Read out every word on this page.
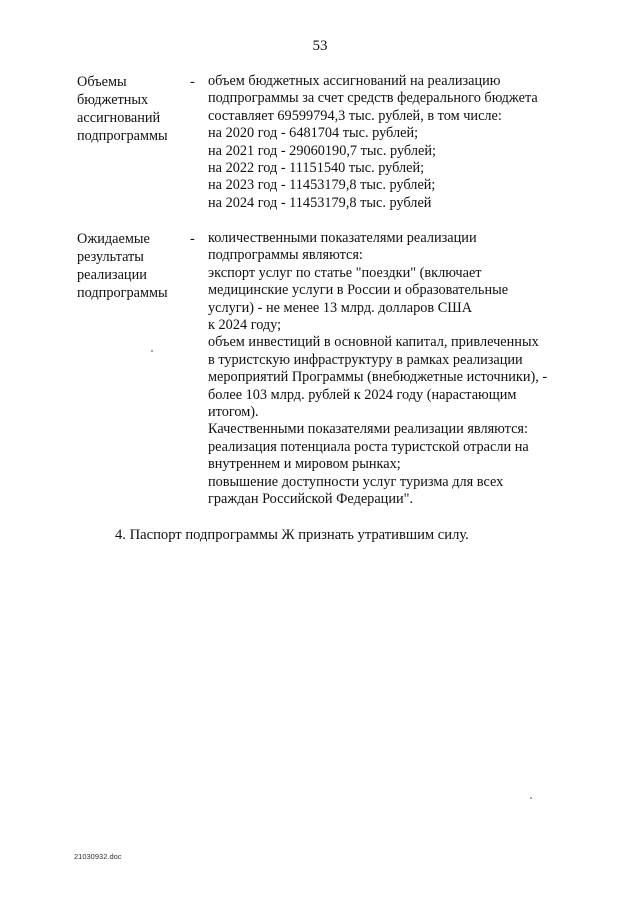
53
Объемы
бюджетных
ассигнований
подпрограммы
- объем бюджетных ассигнований на реализацию
подпрограммы за счет средств федерального бюджета
составляет 69599794,3 тыс. рублей, в том числе:
на 2020 год - 6481704 тыс. рублей;
на 2021 год - 29060190,7 тыс. рублей;
на 2022 год - 11151540 тыс. рублей;
на 2023 год - 11453179,8 тыс. рублей;
на 2024 год - 11453179,8 тыс. рублей
Ожидаемые
результаты
реализации
подпрограммы
- количественными показателями реализации
подпрограммы являются:
экспорт услуг по статье "поездки" (включает
медицинские услуги в России и образовательные
услуги) - не менее 13 млрд. долларов США
к 2024 году;
объем инвестиций в основной капитал, привлеченных
в туристскую инфраструктуру в рамках реализации
мероприятий Программы (внебюджетные источники), -
более 103 млрд. рублей к 2024 году (нарастающим
итогом).
Качественными показателями реализации являются:
реализация потенциала роста туристской отрасли на
внутреннем и мировом рынках;
повышение доступности услуг туризма для всех
граждан Российской Федерации".
4. Паспорт подпрограммы Ж признать утратившим силу.
21030932.doc
